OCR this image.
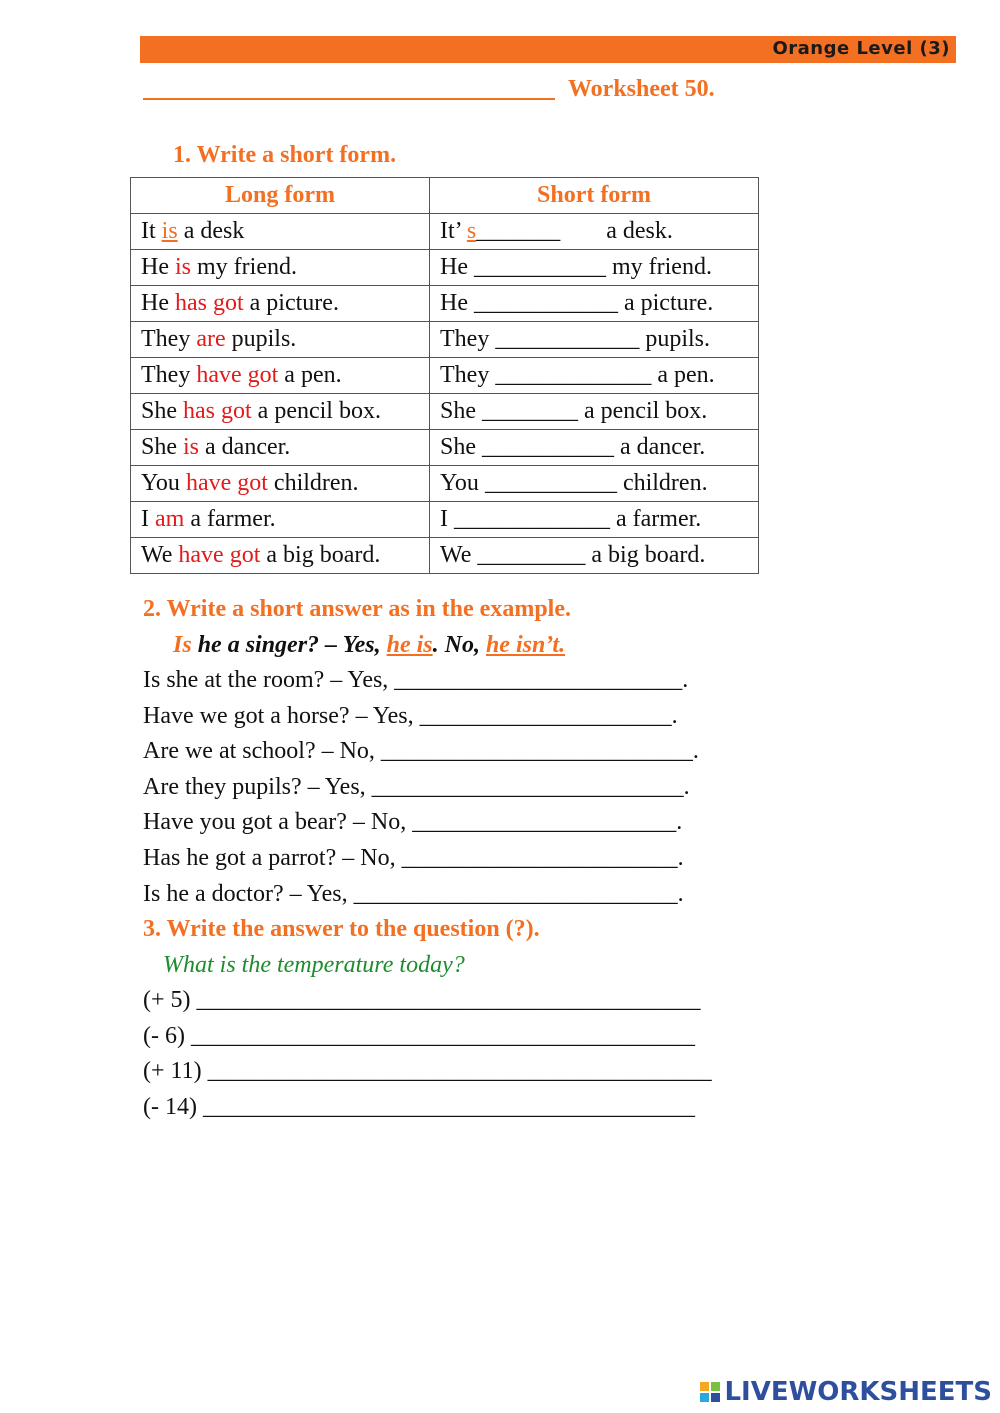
Orange Level (3)
Worksheet 50.
1. Write a short form.
Long form	Short form
It is a desk	It’ s_______ a desk.
He is my friend.	He ___________ my friend.
He has got a picture.	He ____________ a picture.
They are pupils.	They ____________ pupils.
They have got a pen.	They _____________ a pen.
She has got a pencil box.	She ________ a pencil box.
She is a dancer.	She ___________ a dancer.
You have got children.	You ___________ children.
I am a farmer.	I _____________ a farmer.
We have got a big board.	We _________ a big board.
2. Write a short answer as in the example.
Is he a singer? – Yes, he is. No, he isn’t.
Is she at the room? – Yes, ________________________.
Have we got a horse? – Yes, _____________________.
Are we at school? – No, __________________________.
Are they pupils? – Yes, __________________________.
Have you got a bear? – No, ______________________.
Has he got a parrot? – No, _______________________.
Is he a doctor? – Yes, ___________________________.
3. Write the answer to the question (?).
What is the temperature today?
(+ 5) __________________________________________
(- 6) __________________________________________
(+ 11) __________________________________________
(- 14) _________________________________________
LIVEWORKSHEETS
